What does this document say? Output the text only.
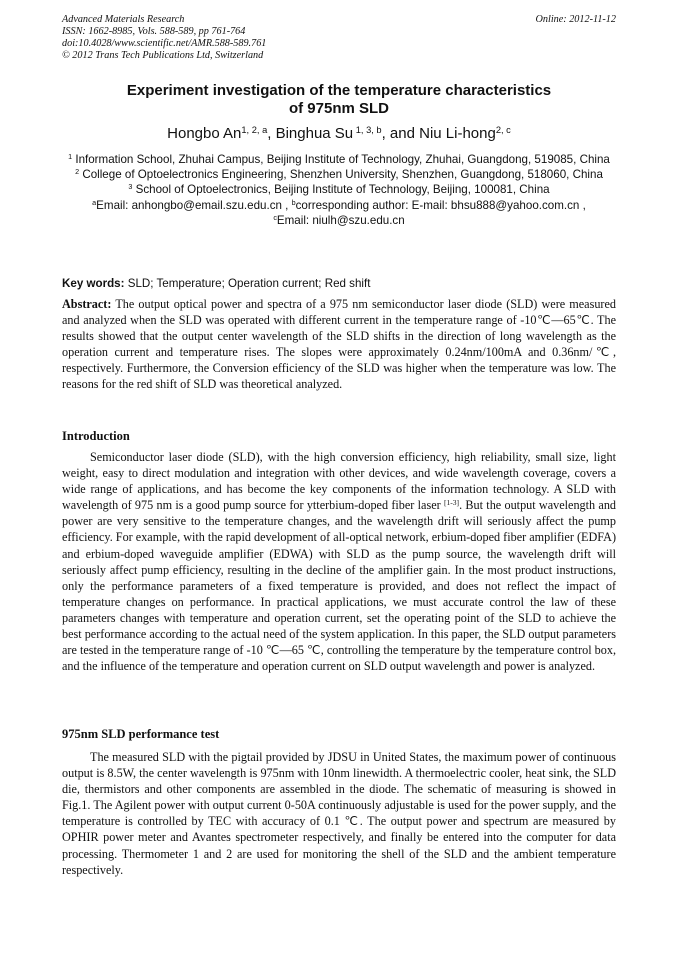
Advanced Materials Research
ISSN: 1662-8985, Vols. 588-589, pp 761-764
doi:10.4028/www.scientific.net/AMR.588-589.761
© 2012 Trans Tech Publications Ltd, Switzerland
Online: 2012-11-12
Experiment investigation of the temperature characteristics
of 975nm SLD
Hongbo An$^{1, 2, a}$, Binghua Su $^{1, 3, b}$, and Niu Li-hong$^{2, c}$
$^1$ Information School, Zhuhai Campus, Beijing Institute of Technology, Zhuhai, Guangdong, 519085, China
$^2$ College of Optoelectronics Engineering, Shenzhen University, Shenzhen, Guangdong, 518060, China
$^3$ School of Optoelectronics, Beijing Institute of Technology, Beijing, 100081, China
$^a$Email: anhongbo@email.szu.edu.cn , $^b$corresponding author: E-mail: bhsu888@yahoo.com.cn ,
$^c$Email: niulh@szu.edu.cn
Key words: SLD; Temperature; Operation current; Red shift
Abstract: The output optical power and spectra of a 975 nm semiconductor laser diode (SLD) were measured and analyzed when the SLD was operated with different current in the temperature range of -10℃—65℃. The results showed that the output center wavelength of the SLD shifts in the direction of long wavelength as the operation current and temperature rises. The slopes were approximately 0.24nm/100mA and 0.36nm/℃, respectively. Furthermore, the Conversion efficiency of the SLD was higher when the temperature was low. The reasons for the red shift of SLD was theoretical analyzed.
Introduction
Semiconductor laser diode (SLD), with the high conversion efficiency, high reliability, small size, light weight, easy to direct modulation and integration with other devices, and wide wavelength coverage, covers a wide range of applications, and has become the key components of the information technology. A SLD with wavelength of 975 nm is a good pump source for ytterbium-doped fiber laser [1-3]. But the output wavelength and power are very sensitive to the temperature changes, and the wavelength drift will seriously affect the pump efficiency. For example, with the rapid development of all-optical network, erbium-doped fiber amplifier (EDFA) and erbium-doped waveguide amplifier (EDWA) with SLD as the pump source, the wavelength drift will seriously affect pump efficiency, resulting in the decline of the amplifier gain. In the most product instructions, only the performance parameters of a fixed temperature is provided, and does not reflect the impact of temperature changes on performance. In practical applications, we must accurate control the law of these parameters changes with temperature and operation current, set the operating point of the SLD to achieve the best performance according to the actual need of the system application. In this paper, the SLD output parameters are tested in the temperature range of -10 ℃—65 ℃, controlling the temperature by the temperature control box, and the influence of the temperature and operation current on SLD output wavelength and power is analyzed.
975nm SLD performance test
The measured SLD with the pigtail provided by JDSU in United States, the maximum power of continuous output is 8.5W, the center wavelength is 975nm with 10nm linewidth. A thermoelectric cooler, heat sink, the SLD die, thermistors and other components are assembled in the diode. The schematic of measuring is showed in Fig.1. The Agilent power with output current 0-50A continuously adjustable is used for the power supply, and the temperature is controlled by TEC with accuracy of 0.1 ℃. The output power and spectrum are measured by OPHIR power meter and Avantes spectrometer respectively, and finally be entered into the computer for data processing. Thermometer 1 and 2 are used for monitoring the shell of the SLD and the ambient temperature respectively.
